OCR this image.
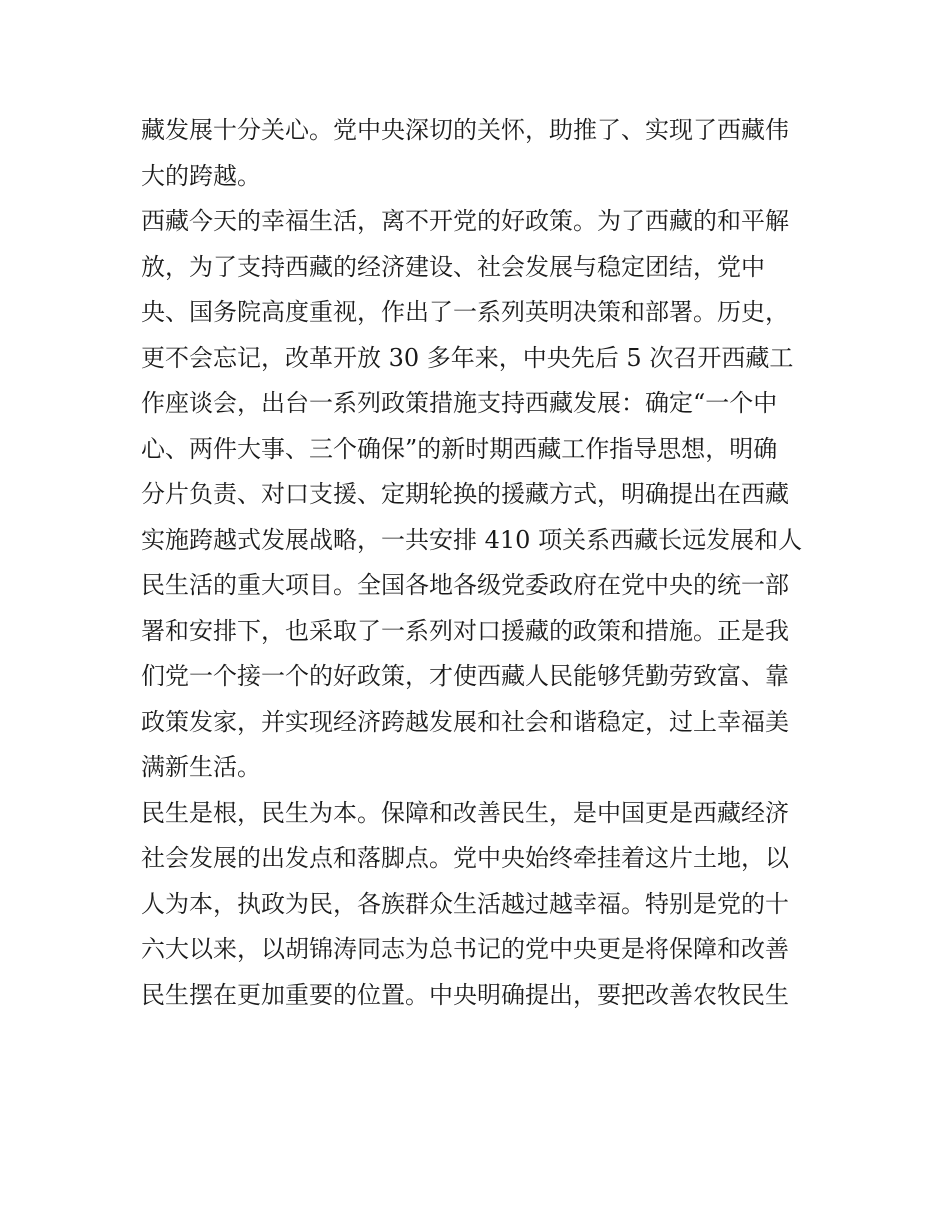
藏发展十分关心。党中央深切的关怀，助推了、实现了西藏伟
大的跨越。
西藏今天的幸福生活，离不开党的好政策。为了西藏的和平解
放，为了支持西藏的经济建设、社会发展与稳定团结，党中
央、国务院高度重视，作出了一系列英明决策和部署。历史，
更不会忘记，改革开放 30 多年来，中央先后 5 次召开西藏工
作座谈会，出台一系列政策措施支持西藏发展：确定“一个中
心、两件大事、三个确保”的新时期西藏工作指导思想，明确
分片负责、对口支援、定期轮换的援藏方式，明确提出在西藏
实施跨越式发展战略，一共安排 410 项关系西藏长远发展和人
民生活的重大项目。全国各地各级党委政府在党中央的统一部
署和安排下，也采取了一系列对口援藏的政策和措施。正是我
们党一个接一个的好政策，才使西藏人民能够凭勤劳致富、靠
政策发家，并实现经济跨越发展和社会和谐稳定，过上幸福美
满新生活。
民生是根，民生为本。保障和改善民生，是中国更是西藏经济
社会发展的出发点和落脚点。党中央始终牵挂着这片土地，以
人为本，执政为民，各族群众生活越过越幸福。特别是党的十
六大以来，以胡锦涛同志为总书记的党中央更是将保障和改善
民生摆在更加重要的位置。中央明确提出，要把改善农牧民生
